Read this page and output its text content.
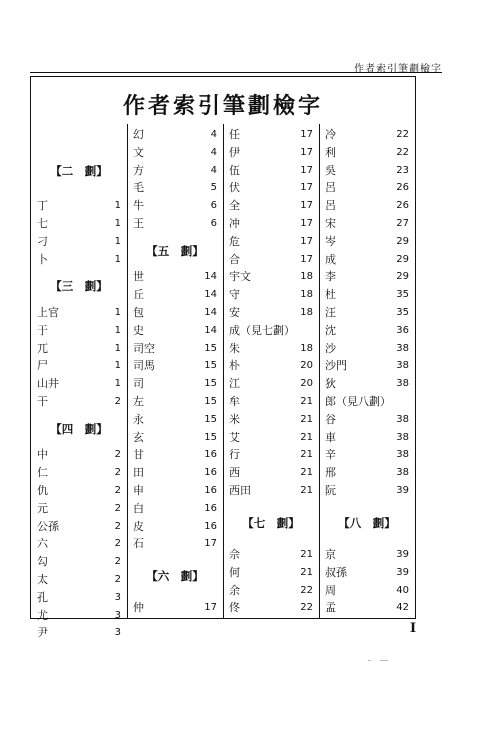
作者索引筆劃檢字
作者索引筆劃檢字
【二　劃】
丁	1
七	1
刁	1
卜	1
【三　劃】
上官	1
于	1
兀	1
尸	1
山井	1
干	2
【四　劃】
中	2
仁	2
仇	2
元	2
公孫	2
六	2
勾	2
太	2
孔	3
尤	3
尹	3
幻	4
文	4
方	4
毛	5
牛	6
王	6
【五　劃】
世	14
丘	14
包	14
史	14
司空	15
司馬	15
司	15
左	15
永	15
玄	15
甘	16
田	16
申	16
白	16
皮	16
石	17
【六　劃】
仲	17
任	17
伊	17
伍	17
伏	17
全	17
冲	17
危	17
合	17
宇文	18
守	18
安	18
成（見七劃）
朱	18
朴	20
江	20
牟	21
米	21
艾	21
行	21
西	21
西田	21
【七　劃】
佘	21
何	21
余	22
佟	22
冷	22
利	22
吳	23
呂	26
呂	26
宋	27
岑	29
成	29
李	29
杜	35
汪	35
沈	36
沙	38
沙門	38
狄	38
郎（見八劃）
谷	38
車	38
辛	38
邢	38
阮	39
【八　劃】
京	39
叔孫	39
周	40
孟	42
I
